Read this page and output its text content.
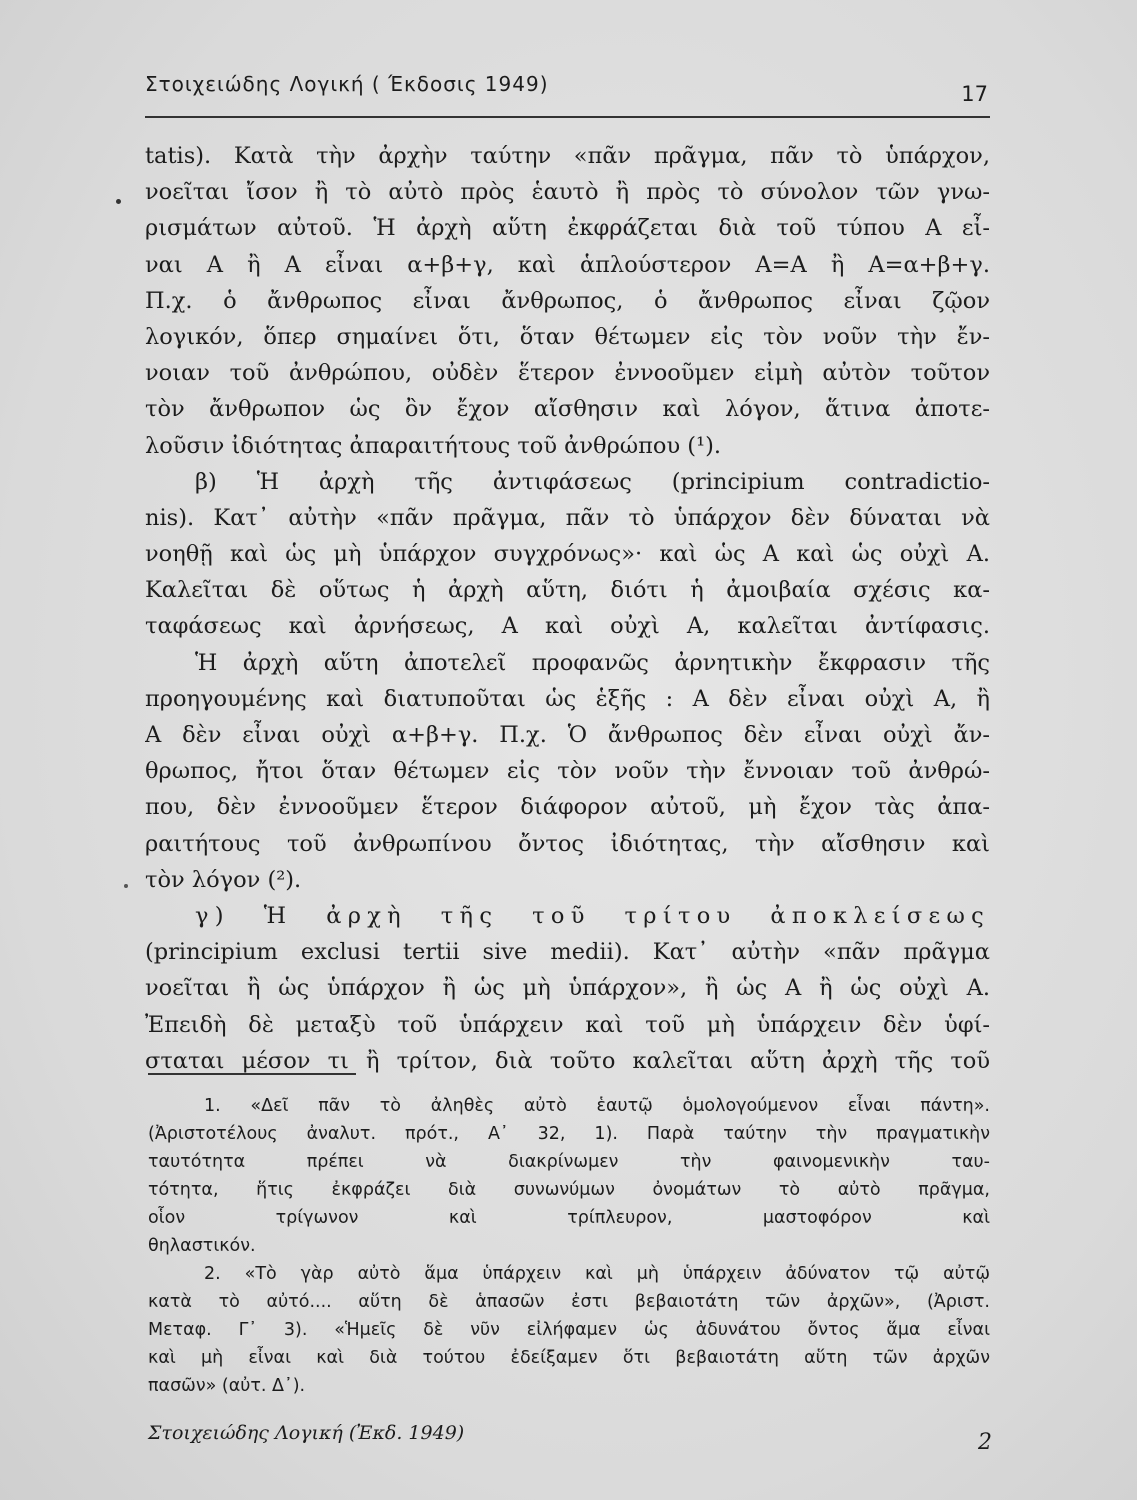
Στοιχειώδης Λογική ( Έκδοσις 1949)	17
tatis). Κατὰ τὴν ἀρχὴν ταύτην «πᾶν πρᾶγμα, πᾶν τὸ ὑπάρχον,
νοεῖται ἴσον ἢ τὸ αὐτὸ πρὸς ἑαυτὸ ἢ πρὸς τὸ σύνολον τῶν γνω-
ρισμάτων αὐτοῦ. Ἡ ἀρχὴ αὕτη ἐκφράζεται διὰ τοῦ τύπου Α εἶ-
ναι Α ἢ Α εἶναι α+β+γ, καὶ ἁπλούστερον Α=Α ἢ Α=α+β+γ.
Π.χ. ὁ ἄνθρωπος εἶναι ἄνθρωπος, ὁ ἄνθρωπος εἶναι ζῷον
λογικόν, ὅπερ σημαίνει ὅτι, ὅταν θέτωμεν εἰς τὸν νοῦν τὴν ἔν-
νοιαν τοῦ ἀνθρώπου, οὐδὲν ἕτερον ἐννοοῦμεν εἰμὴ αὐτὸν τοῦτον
τὸν ἄνθρωπον ὡς ὂν ἔχον αἴσθησιν καὶ λόγον, ἅτινα ἀποτε-
λοῦσιν ἰδιότητας ἀπαραιτήτους τοῦ ἀνθρώπου (¹).
β) Ἡ ἀρχὴ τῆς ἀντιφάσεως (principium contradictio-
nis). Κατ᾽ αὐτὴν «πᾶν πρᾶγμα, πᾶν τὸ ὑπάρχον δὲν δύναται νὰ
νοηθῇ καὶ ὡς μὴ ὑπάρχον συγχρόνως»· καὶ ὡς Α καὶ ὡς οὐχὶ Α.
Καλεῖται δὲ οὕτως ἡ ἀρχὴ αὕτη, διότι ἡ ἀμοιβαία σχέσις κα-
ταφάσεως καὶ ἀρνήσεως, Α καὶ οὐχὶ Α, καλεῖται ἀντίφασις.
Ἡ ἀρχὴ αὕτη ἀποτελεῖ προφανῶς ἀρνητικὴν ἔκφρασιν τῆς
προηγουμένης καὶ διατυποῦται ὡς ἑξῆς : Α δὲν εἶναι οὐχὶ Α, ἢ
Α δὲν εἶναι οὐχὶ α+β+γ. Π.χ. Ὁ ἄνθρωπος δὲν εἶναι οὐχὶ ἄν-
θρωπος, ἤτοι ὅταν θέτωμεν εἰς τὸν νοῦν τὴν ἔννοιαν τοῦ ἀνθρώ-
που, δὲν ἐννοοῦμεν ἕτερον διάφορον αὐτοῦ, μὴ ἔχον τὰς ἀπα-
ραιτήτους τοῦ ἀνθρωπίνου ὄντος ἰδιότητας, τὴν αἴσθησιν καὶ
τὸν λόγον (²).
γ) Ἡ ἀρχὴ τῆς τοῦ τρίτου ἀποκλείσεως
(principium exclusi tertii sive medii). Κατ᾽ αὐτὴν «πᾶν πρᾶγμα
νοεῖται ἢ ὡς ὑπάρχον ἢ ὡς μὴ ὑπάρχον», ἢ ὡς Α ἢ ὡς οὐχὶ Α.
Ἐπειδὴ δὲ μεταξὺ τοῦ ὑπάρχειν καὶ τοῦ μὴ ὑπάρχειν δὲν ὑφί-
σταται μέσον τι ἢ τρίτον, διὰ τοῦτο καλεῖται αὕτη ἀρχὴ τῆς τοῦ
1. «Δεῖ πᾶν τὸ ἀληθὲς αὐτὸ ἑαυτῷ ὁμολογούμενον εἶναι πάντη».
(Ἀριστοτέλους ἀναλυτ. πρότ., Α᾽ 32, 1). Παρὰ ταύτην τὴν πραγματικὴν
ταυτότητα πρέπει νὰ διακρίνωμεν τὴν φαινομενικὴν ταυ-
τότητα, ἥτις ἐκφράζει διὰ συνωνύμων ὀνομάτων τὸ αὐτὸ πρᾶγμα,
οἷον τρίγωνον καὶ τρίπλευρον, μαστοφόρον καὶ
θηλαστικόν.
2. «Τὸ γὰρ αὐτὸ ἅμα ὑπάρχειν καὶ μὴ ὑπάρχειν ἀδύνατον τῷ αὐτῷ
κατὰ τὸ αὐτό.... αὕτη δὲ ἁπασῶν ἐστι βεβαιοτάτη τῶν ἀρχῶν», (Ἀριστ.
Μεταφ. Γ᾽ 3). «Ἡμεῖς δὲ νῦν εἰλήφαμεν ὡς ἀδυνάτου ὄντος ἅμα εἶναι
καὶ μὴ εἶναι καὶ διὰ τούτου ἐδείξαμεν ὅτι βεβαιοτάτη αὕτη τῶν ἀρχῶν
πασῶν» (αὐτ. Δ᾽).
Στοιχειώδης Λογική (Ἐκδ. 1949)	2
